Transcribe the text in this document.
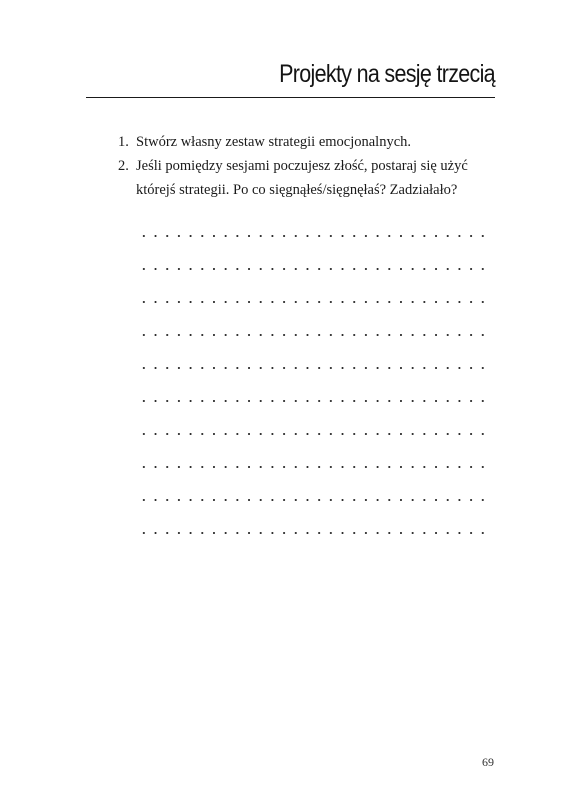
Projekty na sesję trzecią
1. Stwórz własny zestaw strategii emocjonalnych.
2. Jeśli pomiędzy sesjami poczujesz złość, postaraj się użyć którejś strategii. Po co sięgnąłeś/sięgnęłaś? Zadziałało?
69
